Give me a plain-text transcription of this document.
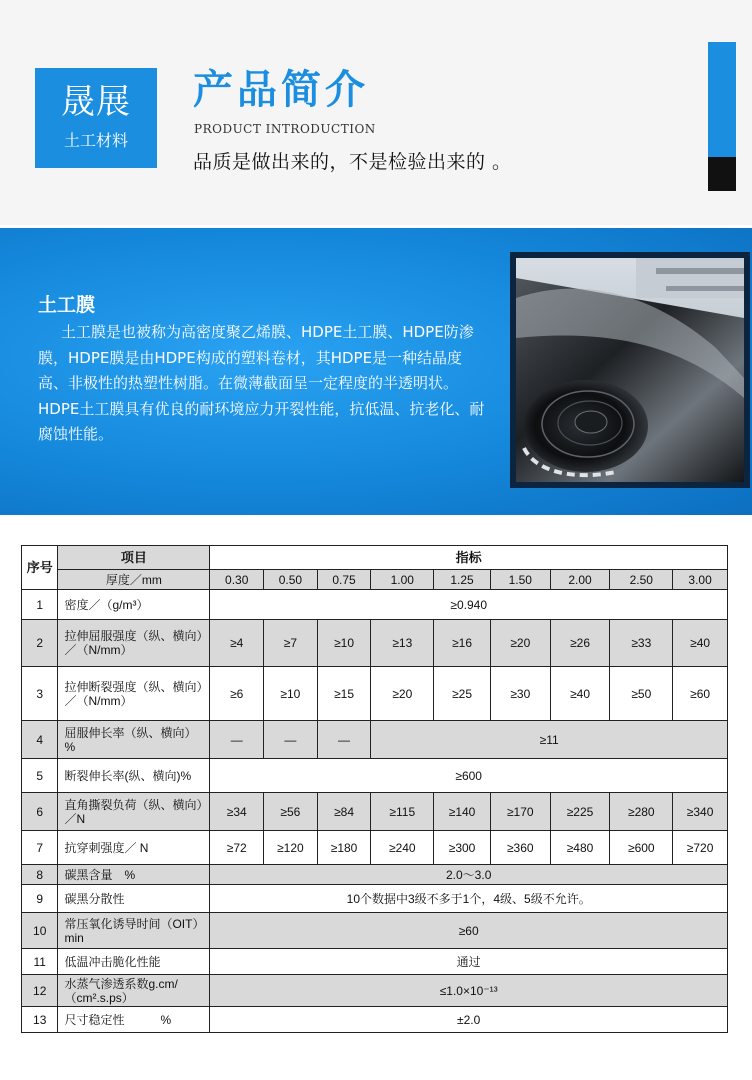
晟展
土工材料
产品简介
PRODUCT INTRODUCTION
品质是做出来的，不是检验出来的 。
土工膜
土工膜是也被称为高密度聚乙烯膜、HDPE土工膜、HDPE防渗膜，HDPE膜是由HDPE构成的塑料卷材，其HDPE是一种结晶度高、非极性的热塑性树脂。在微薄截面呈一定程度的半透明状。HDPE土工膜具有优良的耐环境应力开裂性能，抗低温、抗老化、耐腐蚀性能。
序号	项目	指标								
	厚度／mm	0.30	0.50	0.75	1.00	1.25	1.50	2.00	2.50	3.00
1	密度／（g/m³）	≥0.940								
2	拉伸屈服强度（纵、横向）／（N/mm）	≥4	≥7	≥10	≥13	≥16	≥20	≥26	≥33	≥40
3	拉伸断裂强度（纵、横向）／（N/mm）	≥6	≥10	≥15	≥20	≥25	≥30	≥40	≥50	≥60
4	屈服伸长率（纵、横向）%	—	—	—	≥11					
5	断裂伸长率(纵、横向)%	≥600								
6	直角撕裂负荷（纵、横向）／N	≥34	≥56	≥84	≥115	≥140	≥170	≥225	≥280	≥340
7	抗穿刺强度／ N	≥72	≥120	≥180	≥240	≥300	≥360	≥480	≥600	≥720
8	碳黑含量　%	2.0～3.0								
9	碳黑分散性	10个数据中3级不多于1个，4级、5级不允许。								
10	常压氧化诱导时间（OIT）min	≥60								
11	低温冲击脆化性能	通过								
12	水蒸气渗透系数g.cm/（cm².s.ps）	≤1.0×10⁻¹³								
13	尺寸稳定性　　　%	±2.0								
